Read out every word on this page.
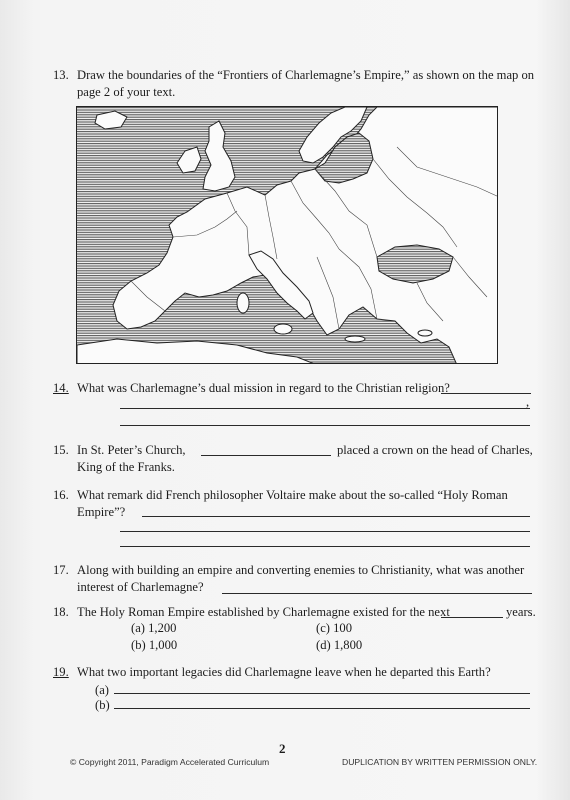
13. Draw the boundaries of the “Frontiers of Charlemagne’s Empire,” as shown on the map on
page 2 of your text.
14. What was Charlemagne’s dual mission in regard to the Christian religion?
,
15. In St. Peter’s Church,	placed a crown on the head of Charles,
King of the Franks.
16. What remark did French philosopher Voltaire make about the so-called “Holy Roman
Empire”?
17. Along with building an empire and converting enemies to Christianity, what was another
interest of Charlemagne?
18. The Holy Roman Empire established by Charlemagne existed for the next	years.
(a) 1,200
(b) 1,000
(c) 100
(d) 1,800
19. What two important legacies did Charlemagne leave when he departed this Earth?
(a)
(b)
2
© Copyright 2011, Paradigm Accelerated Curriculum	DUPLICATION BY WRITTEN PERMISSION ONLY.
